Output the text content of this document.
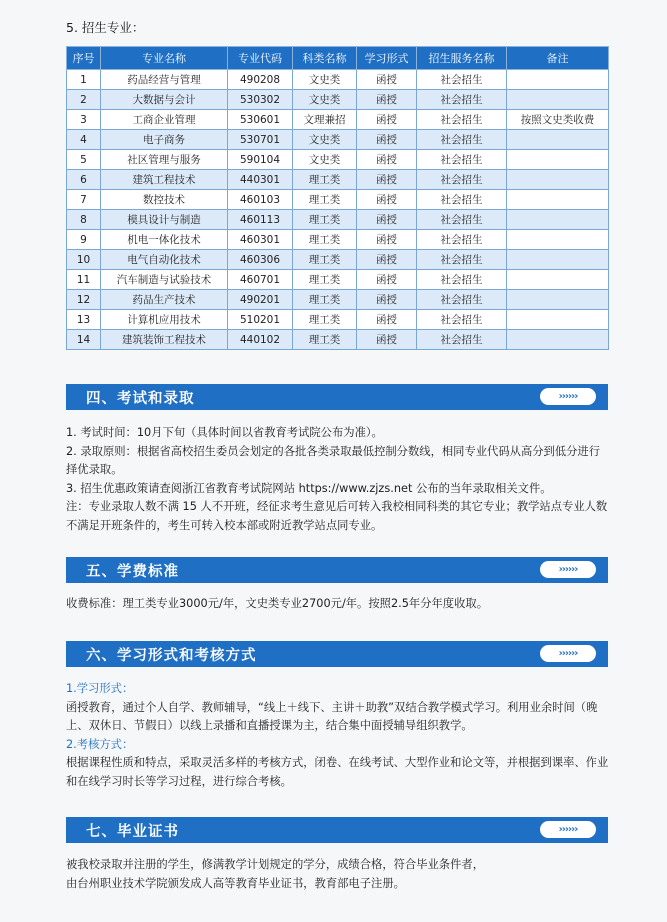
5. 招生专业：
序号	专业名称	专业代码	科类名称	学习形式	招生服务名称	备注
1	药品经营与管理	490208	文史类	函授	社会招生	
2	大数据与会计	530302	文史类	函授	社会招生	
3	工商企业管理	530601	文理兼招	函授	社会招生	按照文史类收费
4	电子商务	530701	文史类	函授	社会招生	
5	社区管理与服务	590104	文史类	函授	社会招生	
6	建筑工程技术	440301	理工类	函授	社会招生	
7	数控技术	460103	理工类	函授	社会招生	
8	模具设计与制造	460113	理工类	函授	社会招生	
9	机电一体化技术	460301	理工类	函授	社会招生	
10	电气自动化技术	460306	理工类	函授	社会招生	
11	汽车制造与试验技术	460701	理工类	函授	社会招生	
12	药品生产技术	490201	理工类	函授	社会招生	
13	计算机应用技术	510201	理工类	函授	社会招生	
14	建筑装饰工程技术	440102	理工类	函授	社会招生	
四、考试和录取	››››››

1. 考试时间：10月下旬（具体时间以省教育考试院公布为准）。

2. 录取原则：根据省高校招生委员会划定的各批各类录取最低控制分数线，相同专业代码从高分到低分进行择优录取。

3. 招生优惠政策请查阅浙江省教育考试院网站 https://www.zjzs.net 公布的当年录取相关文件。

注：专业录取人数不满 15 人不开班，经征求考生意见后可转入我校相同科类的其它专业；教学站点专业人数不满足开班条件的，考生可转入校本部或附近教学站点同专业。

五、学费标准	››››››

收费标准：理工类专业3000元/年，文史类专业2700元/年。按照2.5年分年度收取。

六、学习形式和考核方式	››››››

1.学习形式：

函授教育，通过个人自学、教师辅导，“线上＋线下、主讲＋助教”双结合教学模式学习。利用业余时间（晚上、双休日、节假日）以线上录播和直播授课为主，结合集中面授辅导组织教学。

2.考核方式：

根据课程性质和特点，采取灵活多样的考核方式，闭卷、在线考试、大型作业和论文等，并根据到课率、作业和在线学习时长等学习过程，进行综合考核。

七、毕业证书	››››››

被我校录取并注册的学生，修满教学计划规定的学分，成绩合格，符合毕业条件者，

由台州职业技术学院颁发成人高等教育毕业证书，教育部电子注册。
